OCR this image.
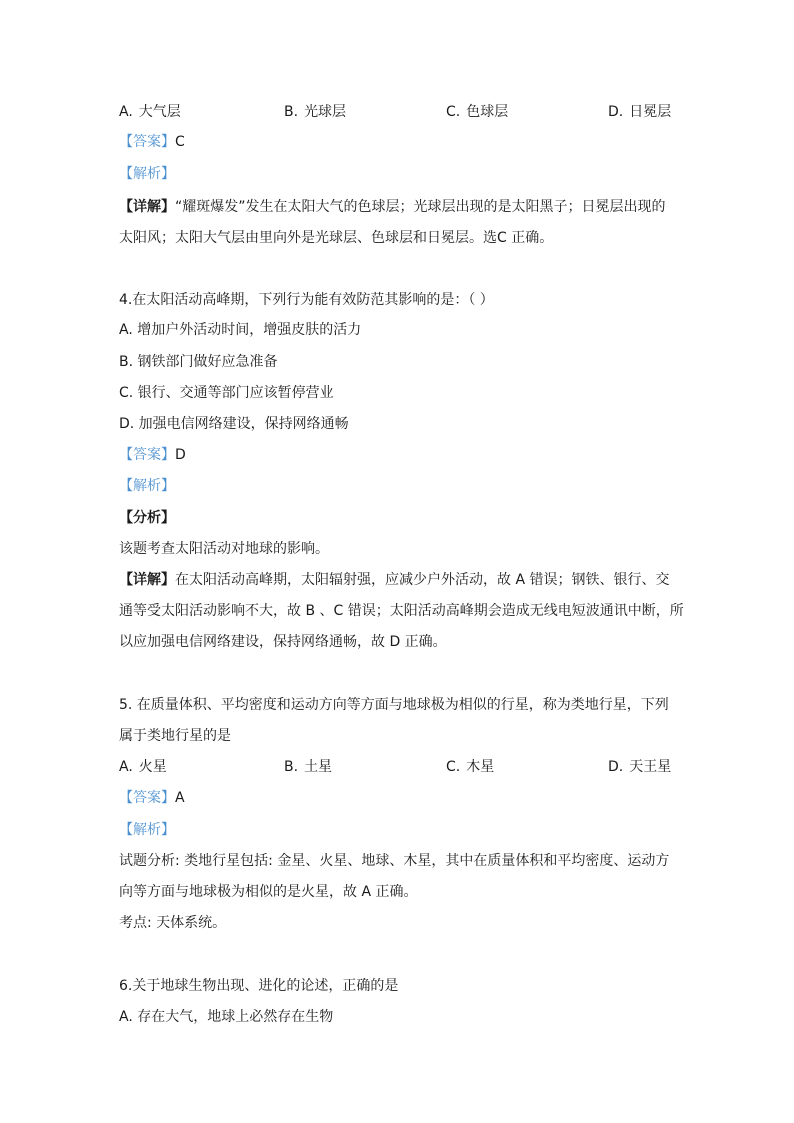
A. 大气层	B. 光球层	C. 色球层	D. 日冕层
【答案】C
【解析】
【详解】“耀斑爆发”发生在太阳大气的色球层；光球层出现的是太阳黑子；日冕层出现的
太阳风；太阳大气层由里向外是光球层、色球层和日冕层。选C 正确。
4.在太阳活动高峰期，下列行为能有效防范其影响的是：（ ）
A. 增加户外活动时间，增强皮肤的活力
B. 钢铁部门做好应急准备
C. 银行、交通等部门应该暂停营业
D. 加强电信网络建设，保持网络通畅
【答案】D
【解析】
【分析】
该题考查太阳活动对地球的影响。
【详解】在太阳活动高峰期，太阳辐射强，应减少户外活动，故 A 错误；钢铁、银行、交
通等受太阳活动影响不大，故 B 、C 错误；太阳活动高峰期会造成无线电短波通讯中断，所
以应加强电信网络建设，保持网络通畅，故 D 正确。
5. 在质量体积、平均密度和运动方向等方面与地球极为相似的行星，称为类地行星，下列
属于类地行星的是
A. 火星	B. 土星	C. 木星	D. 天王星
【答案】A
【解析】
试题分析: 类地行星包括: 金星、火星、地球、木星，其中在质量体积和平均密度、运动方
向等方面与地球极为相似的是火星，故 A 正确。
考点: 天体系统。
6.关于地球生物出现、进化的论述，正确的是
A. 存在大气，地球上必然存在生物
